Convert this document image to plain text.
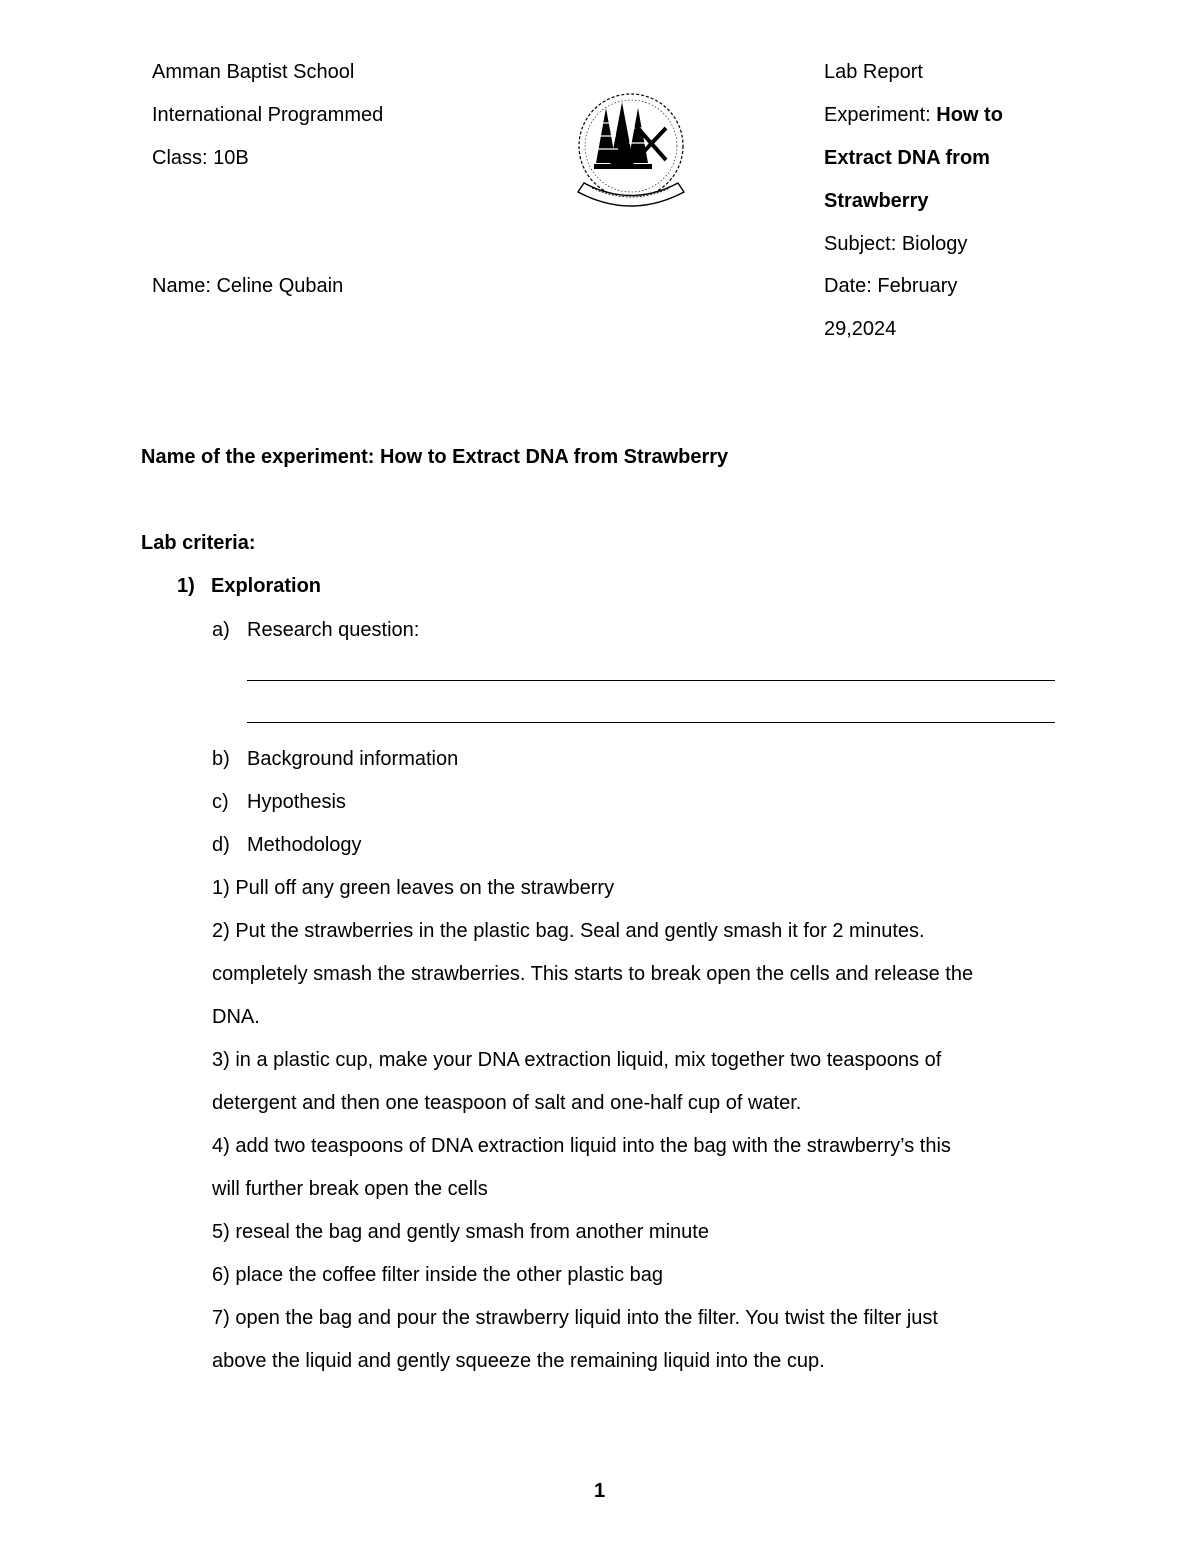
Amman Baptist School
International Programmed
Class: 10B
Name: Celine Qubain
Lab Report
Experiment: How to
Extract DNA from
Strawberry
Subject: Biology
Date: February
29,2024
Name of the experiment: How to Extract DNA from Strawberry
Lab criteria:
1) Exploration
a) Research question:
b) Background information
c) Hypothesis
d) Methodology
1) Pull off any green leaves on the strawberry
2) Put the strawberries in the plastic bag. Seal and gently smash it for 2 minutes.
completely smash the strawberries. This starts to break open the cells and release the
DNA.
3) in a plastic cup, make your DNA extraction liquid, mix together two teaspoons of
detergent and then one teaspoon of salt and one-half cup of water.
4) add two teaspoons of DNA extraction liquid into the bag with the strawberry’s this
will further break open the cells
5) reseal the bag and gently smash from another minute
6) place the coffee filter inside the other plastic bag
7) open the bag and pour the strawberry liquid into the filter. You twist the filter just
above the liquid and gently squeeze the remaining liquid into the cup.
1
